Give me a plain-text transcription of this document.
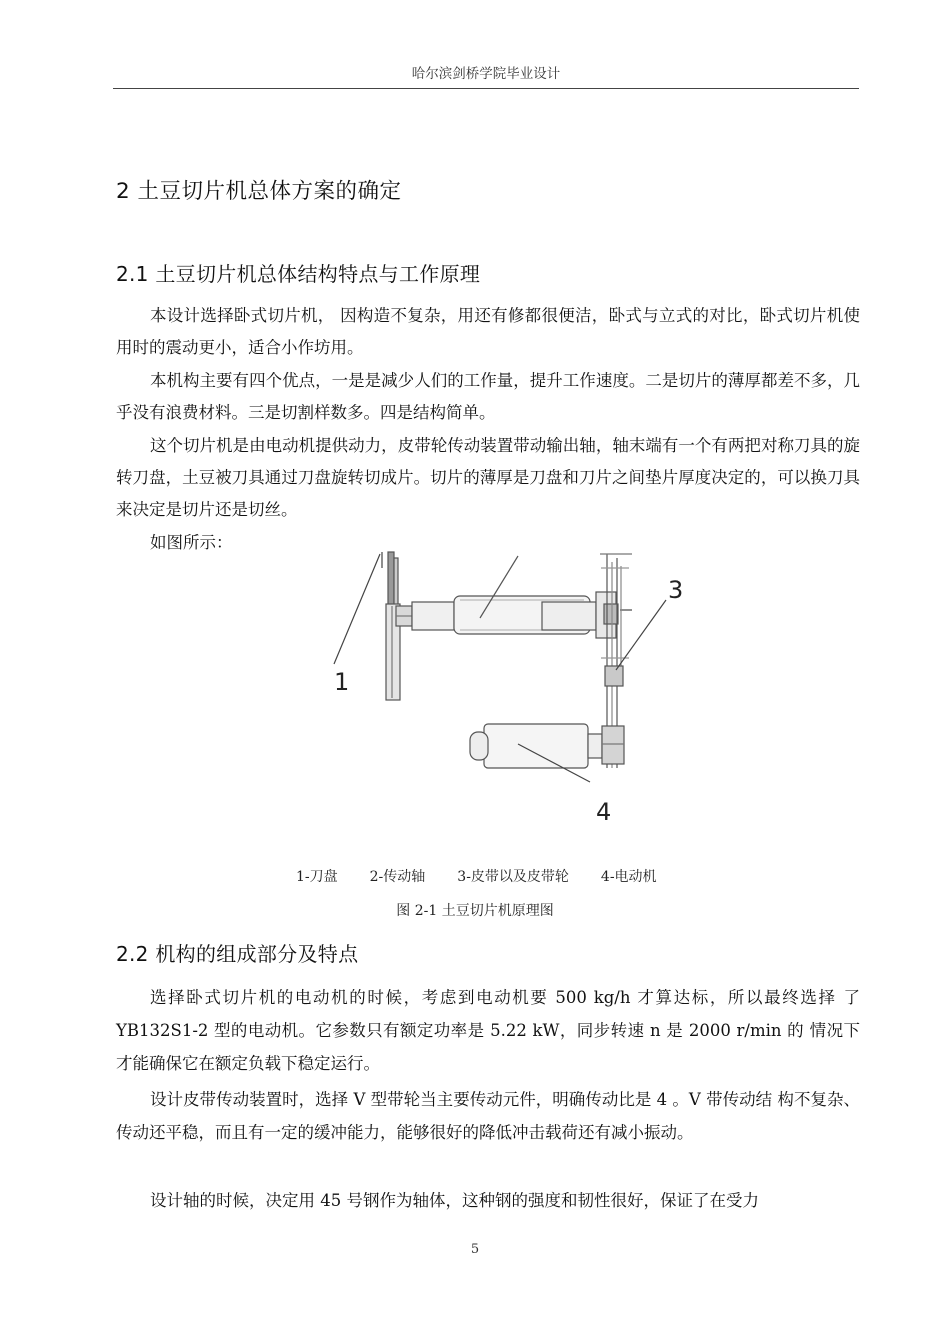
哈尔滨剑桥学院毕业设计
2 土豆切片机总体方案的确定
2.1 土豆切片机总体结构特点与工作原理

本设计选择卧式切片机， 因构造不复杂，用还有修都很便洁，卧式与立式的对比，卧式切片机使用时的震动更小，适合小作坊用。

本机构主要有四个优点，一是是减少人们的工作量，提升工作速度。二是切片的薄厚都差不多，几乎没有浪费材料。三是切割样数多。四是结构简单。

这个切片机是由电动机提供动力，皮带轮传动装置带动输出轴，轴末端有一个有两把对称刀具的旋转刀盘，土豆被刀具通过刀盘旋转切成片。切片的薄厚是刀盘和刀片之间垫片厚度决定的，可以换刀具来决定是切片还是切丝。

如图所示：

1
3
4
1-刀盘 2-传动轴 3-皮带以及皮带轮 4-电动机
图 2-1 土豆切片机原理图
2.2 机构的组成部分及特点

选择卧式切片机的电动机的时候，考虑到电动机要 500 kg/h 才算达标，所以最终选择 了 YB132S1-2 型的电动机。它参数只有额定功率是 5.22 kW，同步转速 n 是 2000 r/min 的 情况下才能确保它在额定负载下稳定运行。

设计皮带传动装置时，选择 V 型带轮当主要传动元件，明确传动比是 4 。V 带传动结 构不复杂、传动还平稳，而且有一定的缓冲能力，能够很好的降低冲击载荷还有减小振动。

设计轴的时候，决定用 45 号钢作为轴体，这种钢的强度和韧性很好，保证了在受力

5
